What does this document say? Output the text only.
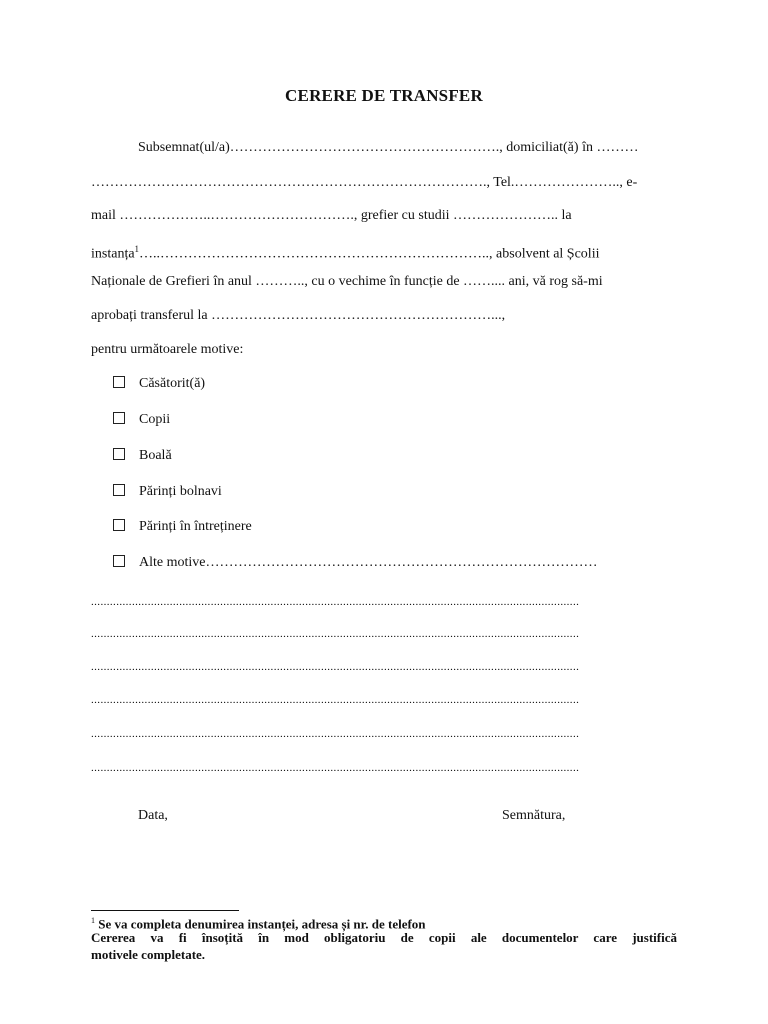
CERERE DE TRANSFER
Subsemnat(ul/a)…………………………………………………., domiciliat(ă) în ………
…………………………………………………………………………., Tel.………………….., e-
mail ………………..…………………………., grefier cu studii ………………….. la
instanța$^1$…..…………………………………………………………….., absolvent al Școlii
Naționale de Grefieri în anul ……….., cu o vechime în funcție de …….... ani, vă rog să-mi
aprobați transferul la ……………………………………………………...,
pentru următoarele motive:
Căsătorit(ă)
Copii
Boală
Părinți bolnavi
Părinți în întreținere
Alte motive…………………………………………………………………………
...........................................................................................................................................................
...........................................................................................................................................................
...........................................................................................................................................................
...........................................................................................................................................................
...........................................................................................................................................................
...........................................................................................................................................................
Data,	Semnătura,
$^1$ Se va completa denumirea instanței, adresa și nr. de telefon
Cererea va fi însoțită în mod obligatoriu de copii ale documentelor care justifică
motivele completate.
